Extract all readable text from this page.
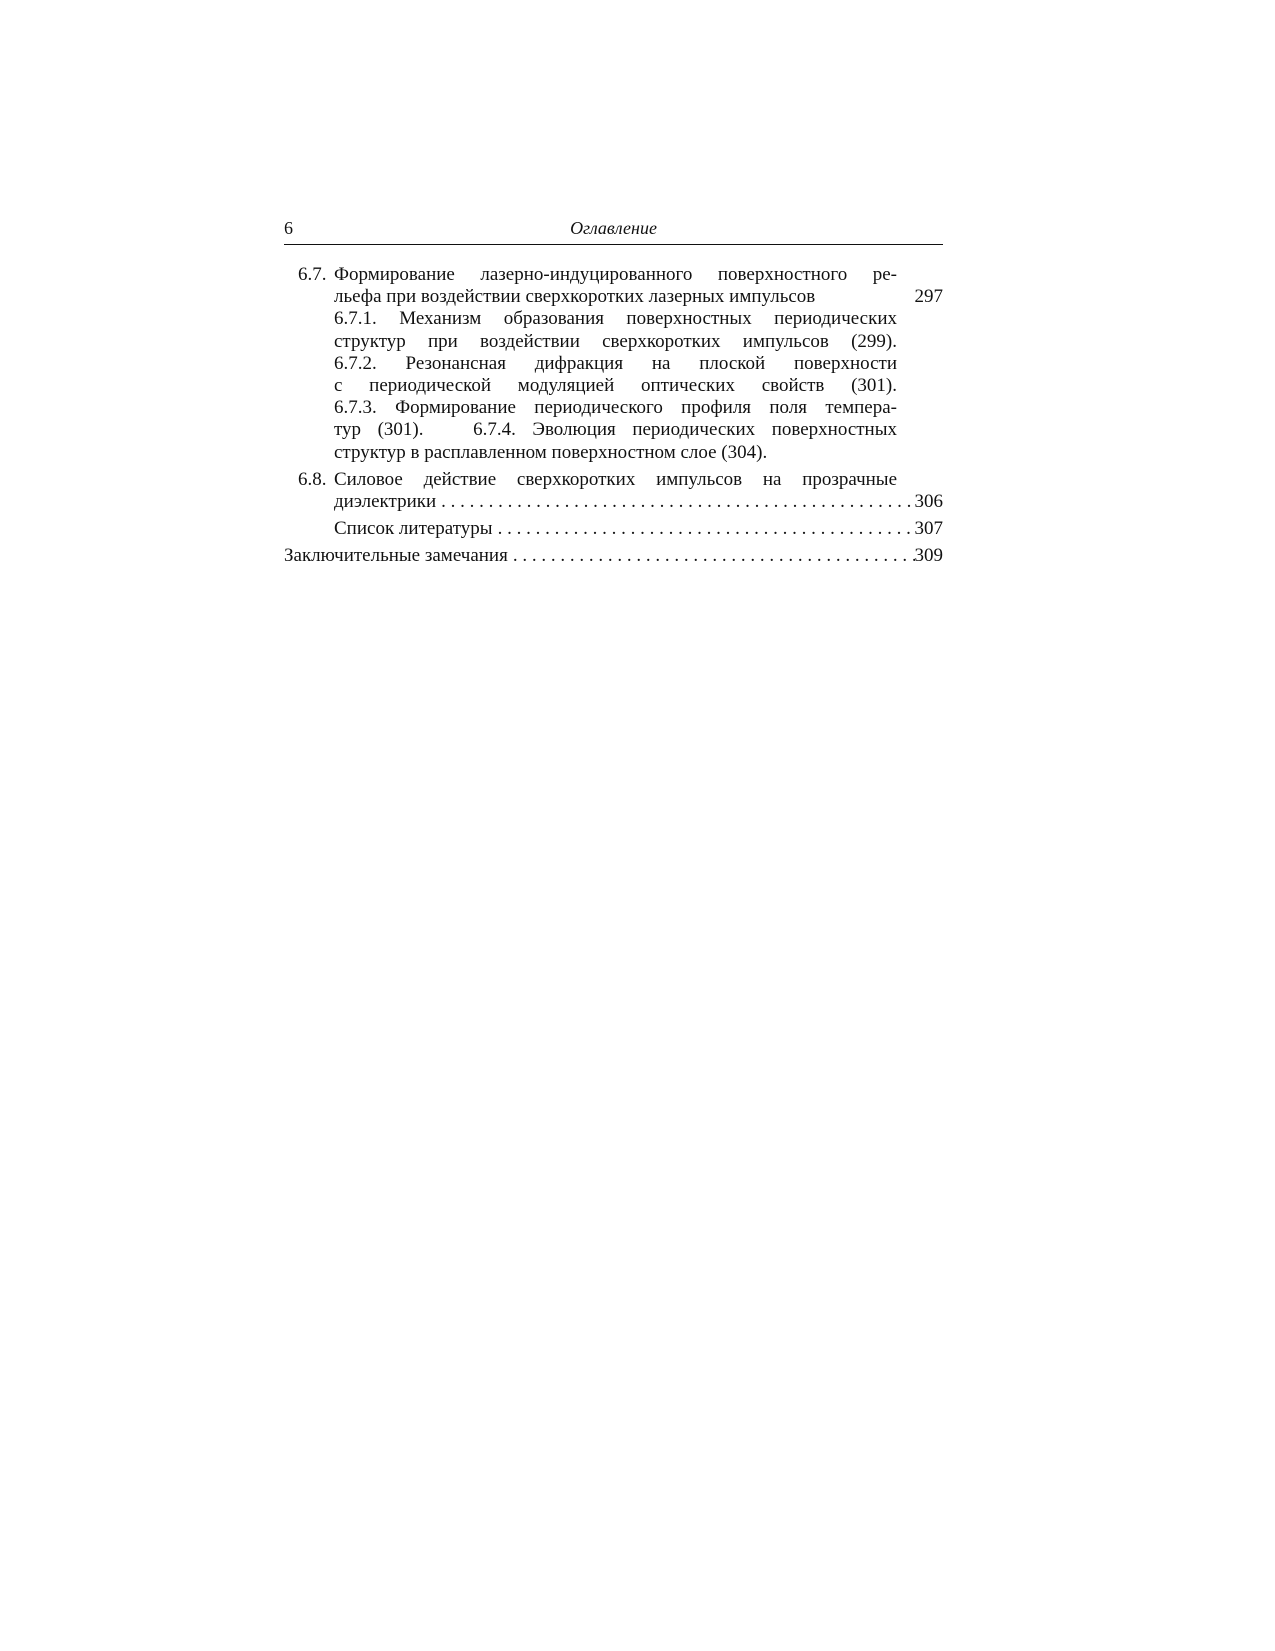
6	Оглавление
6.7. Формирование лазерно-индуцированного поверхностного ре-
льефа при воздействии сверхкоротких лазерных импульсов	297
6.7.1. Механизм образования поверхностных периодических
структур при воздействии сверхкоротких импульсов (299).
6.7.2. Резонансная дифракция на плоской поверхности
с периодической модуляцией оптических свойств (301).
6.7.3. Формирование периодического профиля поля темпера-
тур (301).   6.7.4. Эволюция периодических поверхностных
структур в расплавленном поверхностном слое (304).
6.8. Силовое действие сверхкоротких импульсов на прозрачные
диэлектрики . . .	306
Список литературы . . .	307
Заключительные замечания . . .	309
